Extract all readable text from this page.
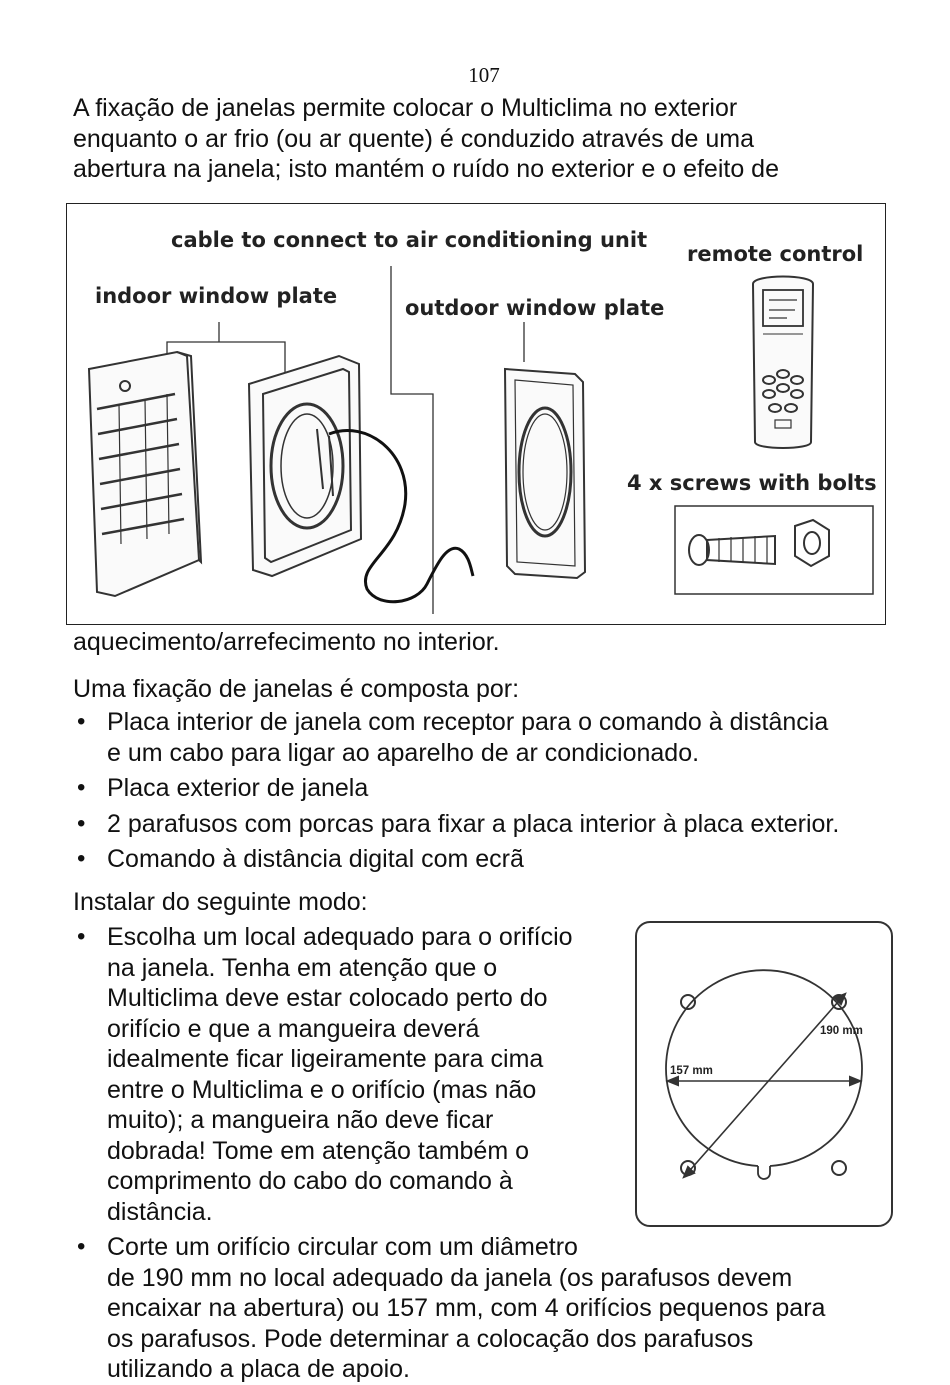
107

A fixação de janelas permite colocar o Multiclima no exterior
enquanto o ar frio (ou ar quente) é conduzido através de uma
abertura na janela; isto mantém o ruído no exterior e o efeito de

cable to connect to air conditioning unit
remote control
indoor window plate	outdoor window plate
4 x screws with bolts

aquecimento/arrefecimento no interior.

Uma fixação de janelas é composta por:

• Placa interior de janela com receptor para o comando à distância
e um cabo para ligar ao aparelho de ar condicionado.
• Placa exterior de janela
• 2 parafusos com porcas para fixar a placa interior à placa exterior.
• Comando à distância digital com ecrã

Instalar do seguinte modo:

• Escolha um local adequado para o orifício
na janela. Tenha em atenção que o
Multiclima deve estar colocado perto do
orifício e que a mangueira deverá
idealmente ficar ligeiramente para cima
entre o Multiclima e o orifício (mas não
muito); a mangueira não deve ficar
dobrada! Tome em atenção também o
comprimento do cabo do comando à
distância.
• Corte um orifício circular com um diâmetro
de 190 mm no local adequado da janela (os parafusos devem
encaixar na abertura) ou 157 mm, com 4 orifícios pequenos para
os parafusos. Pode determinar a colocação dos parafusos
utilizando a placa de apoio.
190 mm
157 mm
